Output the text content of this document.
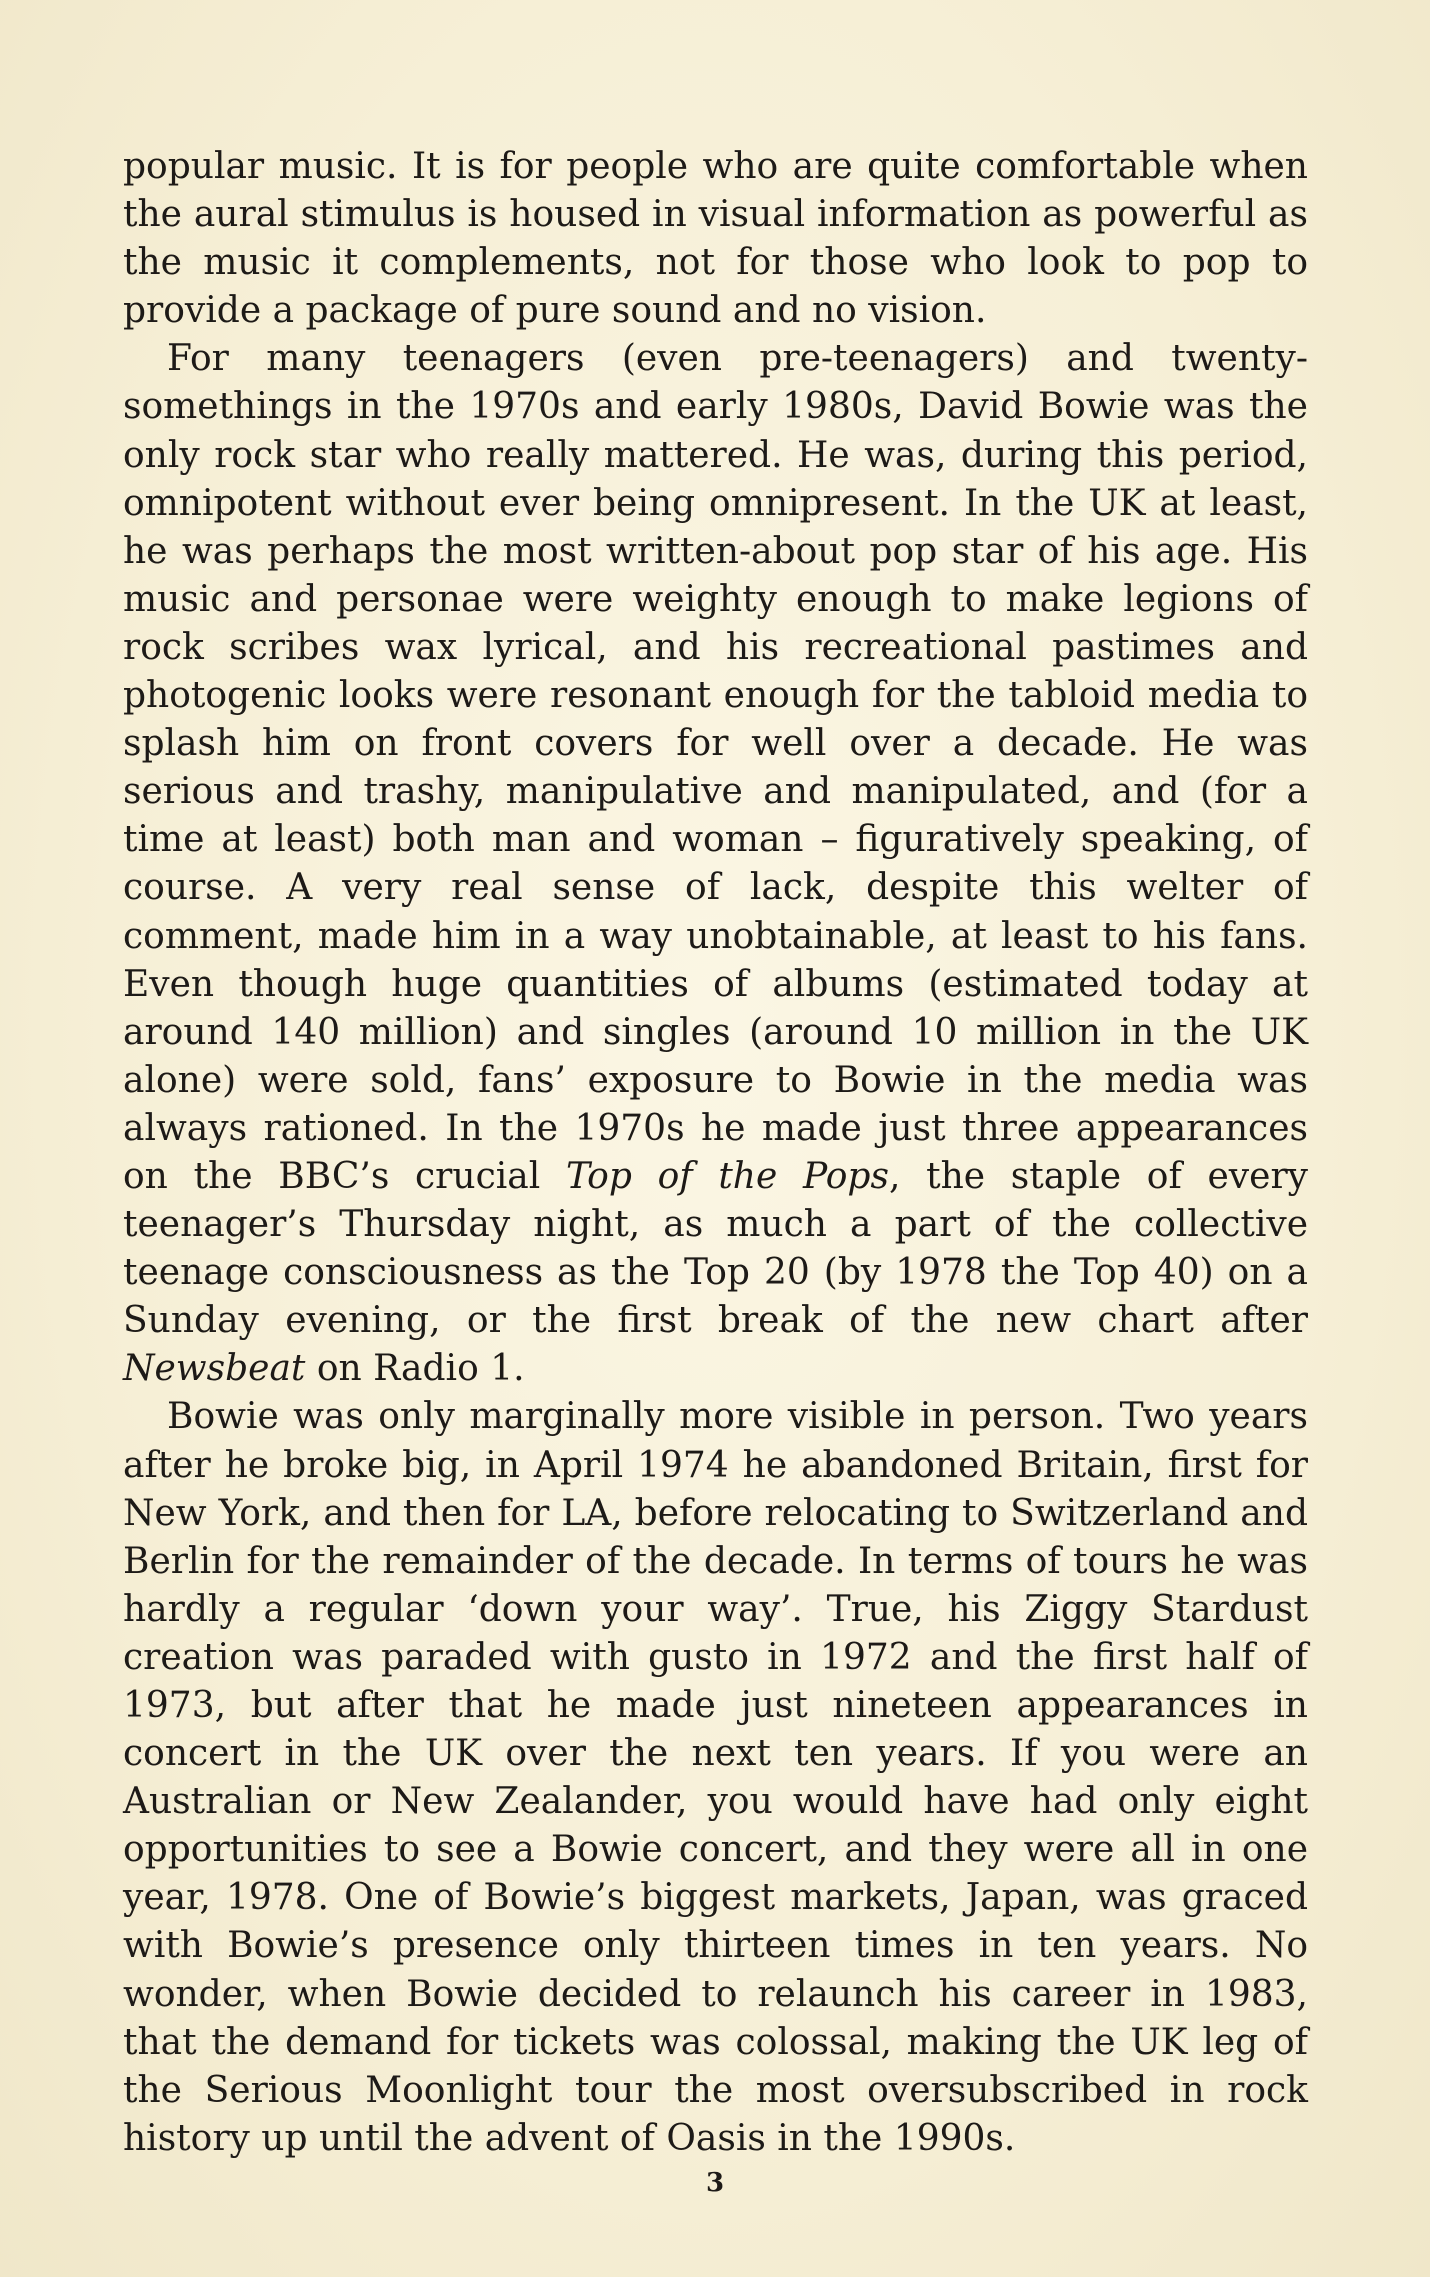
popular music. It is for people who are quite comfortable when the aural stimulus is housed in visual information as powerful as the music it complements, not for those who look to pop to provide a package of pure sound and no vision.

For many teenagers (even pre-teenagers) and twenty-somethings in the 1970s and early 1980s, David Bowie was the only rock star who really mattered. He was, during this period, omnipotent without ever being omnipresent. In the UK at least, he was perhaps the most written-about pop star of his age. His music and personae were weighty enough to make legions of rock scribes wax lyrical, and his recreational pastimes and photogenic looks were resonant enough for the tabloid media to splash him on front covers for well over a decade. He was serious and trashy, manipulative and manipulated, and (for a time at least) both man and woman – figuratively speaking, of course. A very real sense of lack, despite this welter of comment, made him in a way unobtainable, at least to his fans. Even though huge quantities of albums (estimated today at around 140 million) and singles (around 10 million in the UK alone) were sold, fans’ exposure to Bowie in the media was always rationed. In the 1970s he made just three appearances on the BBC’s crucial Top of the Pops, the staple of every teenager’s Thursday night, as much a part of the collective teenage consciousness as the Top 20 (by 1978 the Top 40) on a Sunday evening, or the first break of the new chart after Newsbeat on Radio 1.

Bowie was only marginally more visible in person. Two years after he broke big, in April 1974 he abandoned Britain, first for New York, and then for LA, before relocating to Switzerland and Berlin for the remainder of the decade. In terms of tours he was hardly a regular ‘down your way’. True, his Ziggy Stardust creation was paraded with gusto in 1972 and the first half of 1973, but after that he made just nineteen appearances in concert in the UK over the next ten years. If you were an Australian or New Zealander, you would have had only eight opportunities to see a Bowie concert, and they were all in one year, 1978. One of Bowie’s biggest markets, Japan, was graced with Bowie’s presence only thirteen times in ten years. No wonder, when Bowie decided to relaunch his career in 1983, that the demand for tickets was colossal, making the UK leg of the Serious Moonlight tour the most oversubscribed in rock history up until the advent of Oasis in the 1990s.

3
